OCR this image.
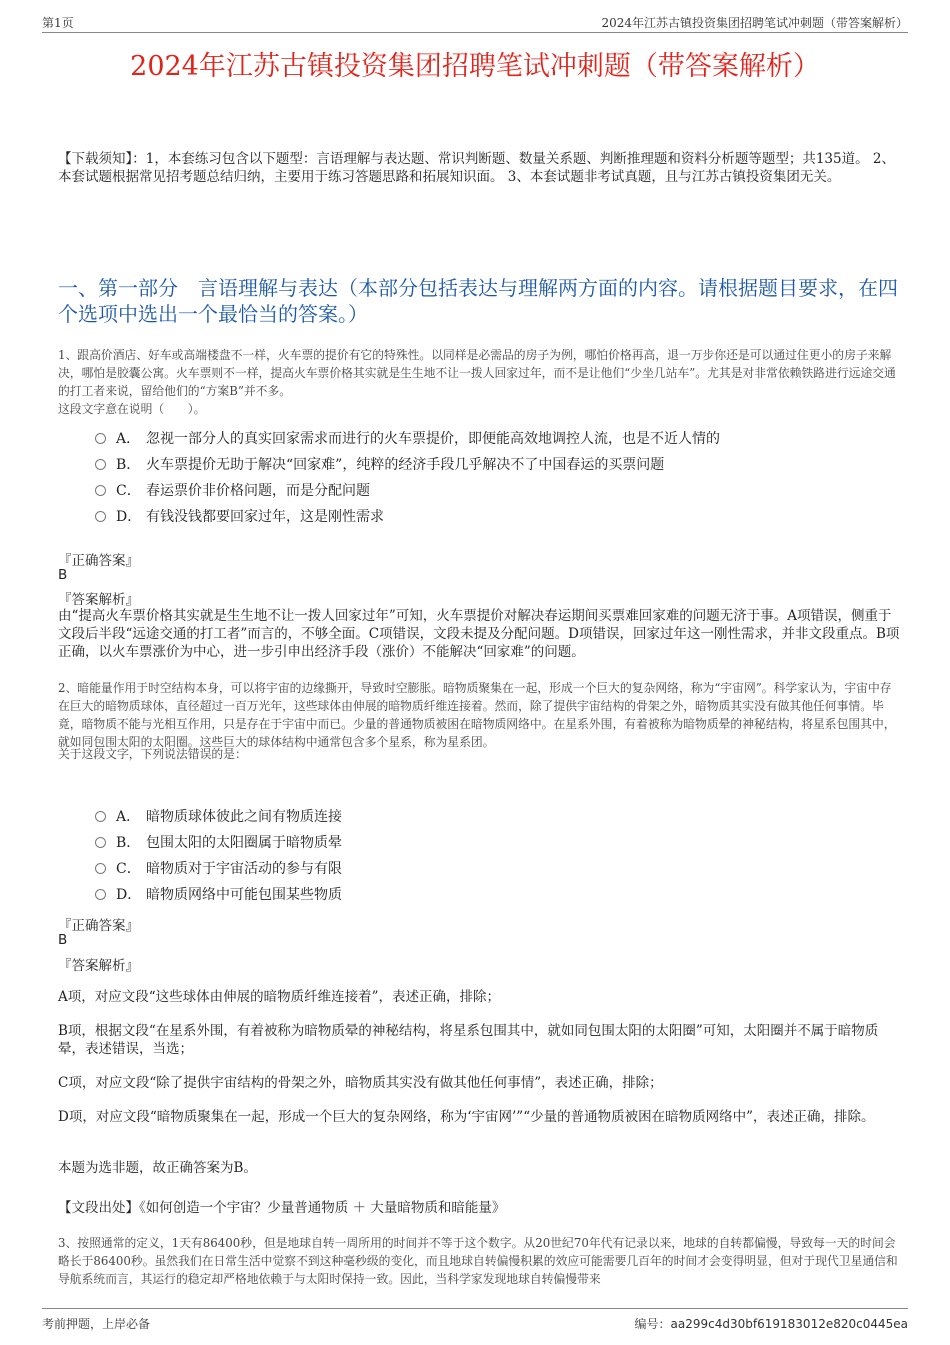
第1页	2024年江苏古镇投资集团招聘笔试冲刺题（带答案解析）
2024年江苏古镇投资集团招聘笔试冲刺题（带答案解析）
【下载须知】：1，本套练习包含以下题型：言语理解与表达题、常识判断题、数量关系题、判断推理题和资料分析题等题型；共135道。 2、本套试题根据常见招考题总结归纳，主要用于练习答题思路和拓展知识面。 3、本套试题非考试真题，且与江苏古镇投资集团无关。
一、第一部分　言语理解与表达（本部分包括表达与理解两方面的内容。请根据题目要求，在四个选项中选出一个最恰当的答案。）
1、跟高价酒店、好车或高端楼盘不一样，火车票的提价有它的特殊性。以同样是必需品的房子为例，哪怕价格再高，退一万步你还是可以通过住更小的房子来解决，哪怕是胶囊公寓。火车票则不一样，提高火车票价格其实就是生生地不让一拨人回家过年，而不是让他们“少坐几站车”。尤其是对非常依赖铁路进行远途交通的打工者来说，留给他们的“方案B”并不多。
这段文字意在说明（　　）。
A． 忽视一部分人的真实回家需求而进行的火车票提价，即便能高效地调控人流，也是不近人情的
B． 火车票提价无助于解决“回家难”，纯粹的经济手段几乎解决不了中国春运的买票问题
C． 春运票价非价格问题，而是分配问题
D． 有钱没钱都要回家过年，这是刚性需求
『正确答案』
B
『答案解析』
由“提高火车票价格其实就是生生地不让一拨人回家过年”可知，火车票提价对解决春运期间买票难回家难的问题无济于事。A项错误，侧重于文段后半段“远途交通的打工者”而言的，不够全面。C项错误，文段未提及分配问题。D项错误，回家过年这一刚性需求，并非文段重点。B项正确，以火车票涨价为中心，进一步引申出经济手段（涨价）不能解决“回家难”的问题。
2、暗能量作用于时空结构本身，可以将宇宙的边缘撕开，导致时空膨胀。暗物质聚集在一起，形成一个巨大的复杂网络，称为“宇宙网”。科学家认为，宇宙中存在巨大的暗物质球体，直径超过一百万光年，这些球体由伸展的暗物质纤维连接着。然而，除了提供宇宙结构的骨架之外，暗物质其实没有做其他任何事情。毕竟，暗物质不能与光相互作用，只是存在于宇宙中而已。少量的普通物质被困在暗物质网络中。在星系外围，有着被称为暗物质晕的神秘结构，将星系包围其中，就如同包围太阳的太阳圈。这些巨大的球体结构中通常包含多个星系，称为星系团。
关于这段文字，下列说法错误的是：
A． 暗物质球体彼此之间有物质连接
B． 包围太阳的太阳圈属于暗物质晕
C． 暗物质对于宇宙活动的参与有限
D． 暗物质网络中可能包围某些物质
『正确答案』
B
『答案解析』
A项，对应文段“这些球体由伸展的暗物质纤维连接着”，表述正确，排除；
B项，根据文段“在星系外围，有着被称为暗物质晕的神秘结构，将星系包围其中，就如同包围太阳的太阳圈”可知，太阳圈并不属于暗物质晕，表述错误，当选；
C项，对应文段“除了提供宇宙结构的骨架之外，暗物质其实没有做其他任何事情”，表述正确，排除；
D项，对应文段“暗物质聚集在一起，形成一个巨大的复杂网络，称为‘宇宙网’”“少量的普通物质被困在暗物质网络中”，表述正确，排除。
本题为选非题，故正确答案为B。
【文段出处】《如何创造一个宇宙？少量普通物质 ＋ 大量暗物质和暗能量》
3、按照通常的定义，1天有86400秒，但是地球自转一周所用的时间并不等于这个数字。从20世纪70年代有记录以来，地球的自转都偏慢，导致每一天的时间会略长于86400秒。虽然我们在日常生活中觉察不到这种毫秒级的变化，而且地球自转偏慢积累的效应可能需要几百年的时间才会变得明显，但对于现代卫星通信和导航系统而言，其运行的稳定却严格地依赖于与太阳时保持一致。因此，当科学家发现地球自转偏慢带来
考前押题，上岸必备	编号：aa299c4d30bf619183012e820c0445ea
